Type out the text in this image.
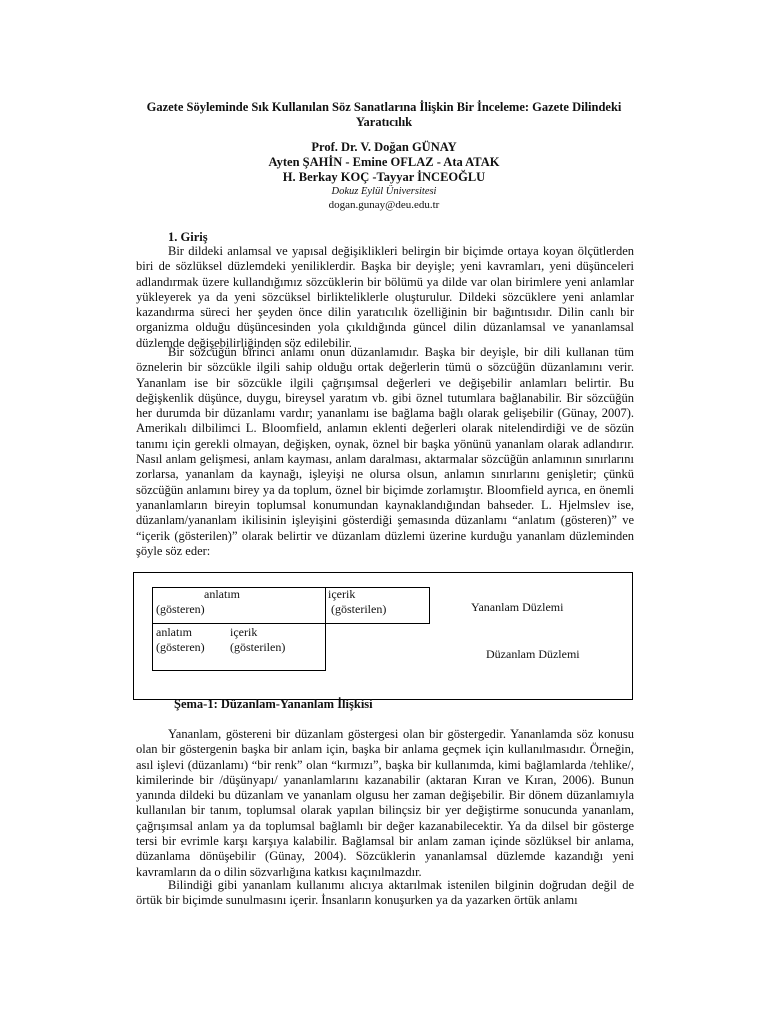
Gazete Söyleminde Sık Kullanılan Söz Sanatlarına İlişkin Bir İnceleme: Gazete Dilindeki Yaratıcılık
Prof. Dr. V. Doğan GÜNAY
Ayten ŞAHİN - Emine OFLAZ - Ata ATAK
H. Berkay KOÇ -Tayyar İNCEOĞLU
Dokuz Eylül Üniversitesi
dogan.gunay@deu.edu.tr
1. Giriş

Bir dildeki anlamsal ve yapısal değişiklikleri belirgin bir biçimde ortaya koyan ölçütlerden biri de sözlüksel düzlemdeki yeniliklerdir. Başka bir deyişle; yeni kavramları, yeni düşünceleri adlandırmak üzere kullandığımız sözcüklerin bir bölümü ya dilde var olan birimlere yeni anlamlar yükleyerek ya da yeni sözcüksel birlikteliklerle oluşturulur. Dildeki sözcüklere yeni anlamlar kazandırma süreci her şeyden önce dilin yaratıcılık özelliğinin bir bağıntısıdır. Dilin canlı bir organizma olduğu düşüncesinden yola çıkıldığında güncel dilin düzanlamsal ve yananlamsal düzlemde değişebilirliğinden söz edilebilir.

Bir sözcüğün birinci anlamı onun düzanlamıdır. Başka bir deyişle, bir dili kullanan tüm öznelerin bir sözcükle ilgili sahip olduğu ortak değerlerin tümü o sözcüğün düzanlamını verir. Yananlam ise bir sözcükle ilgili çağrışımsal değerleri ve değişebilir anlamları belirtir. Bu değişkenlik düşünce, duygu, bireysel yaratım vb. gibi öznel tutumlara bağlanabilir. Bir sözcüğün her durumda bir düzanlamı vardır; yananlamı ise bağlama bağlı olarak gelişebilir (Günay, 2007). Amerikalı dilbilimci L. Bloomfield, anlamın eklenti değerleri olarak nitelendirdiği ve de sözün tanımı için gerekli olmayan, değişken, oynak, öznel bir başka yönünü yananlam olarak adlandırır. Nasıl anlam gelişmesi, anlam kayması, anlam daralması, aktarmalar sözcüğün anlamının sınırlarını zorlarsa, yananlam da kaynağı, işleyişi ne olursa olsun, anlamın sınırlarını genişletir; çünkü sözcüğün anlamını birey ya da toplum, öznel bir biçimde zorlamıştır. Bloomfield ayrıca, en önemli yananlamların bireyin toplumsal konumundan kaynaklandığından bahseder. L. Hjelmslev ise, düzanlam/yananlam ikilisinin işleyişini gösterdiği şemasında düzanlamı “anlatım (gösteren)” ve “içerik (gösterilen)” olarak belirtir ve düzanlam düzlemi üzerine kurduğu yananlam düzleminden şöyle söz eder:

anlatım
(gösteren)
içerik
(gösterilen)
anlatım
(gösteren)
içerik
(gösterilen)
Yananlam Düzlemi
Düzanlam Düzlemi
Şema-1: Düzanlam-Yananlam İlişkisi

Yananlam, göstereni bir düzanlam göstergesi olan bir göstergedir. Yananlamda söz konusu olan bir göstergenin başka bir anlam için, başka bir anlama geçmek için kullanılmasıdır. Örneğin, asıl işlevi (düzanlamı) “bir renk” olan “kırmızı”, başka bir kullanımda, kimi bağlamlarda /tehlike/, kimilerinde bir /düşünyapı/ yananlamlarını kazanabilir (aktaran Kıran ve Kıran, 2006). Bunun yanında dildeki bu düzanlam ve yananlam olgusu her zaman değişebilir. Bir dönem düzanlamıyla kullanılan bir tanım, toplumsal olarak yapılan bilinçsiz bir yer değiştirme sonucunda yananlam, çağrışımsal anlam ya da toplumsal bağlamlı bir değer kazanabilecektir. Ya da dilsel bir gösterge tersi bir evrimle karşı karşıya kalabilir. Bağlamsal bir anlam zaman içinde sözlüksel bir anlama, düzanlama dönüşebilir (Günay, 2004). Sözcüklerin yananlamsal düzlemde kazandığı yeni kavramların da o dilin sözvarlığına katkısı kaçınılmazdır.

Bilindiği gibi yananlam kullanımı alıcıya aktarılmak istenilen bilginin doğrudan değil de örtük bir biçimde sunulmasını içerir. İnsanların konuşurken ya da yazarken örtük anlamı
